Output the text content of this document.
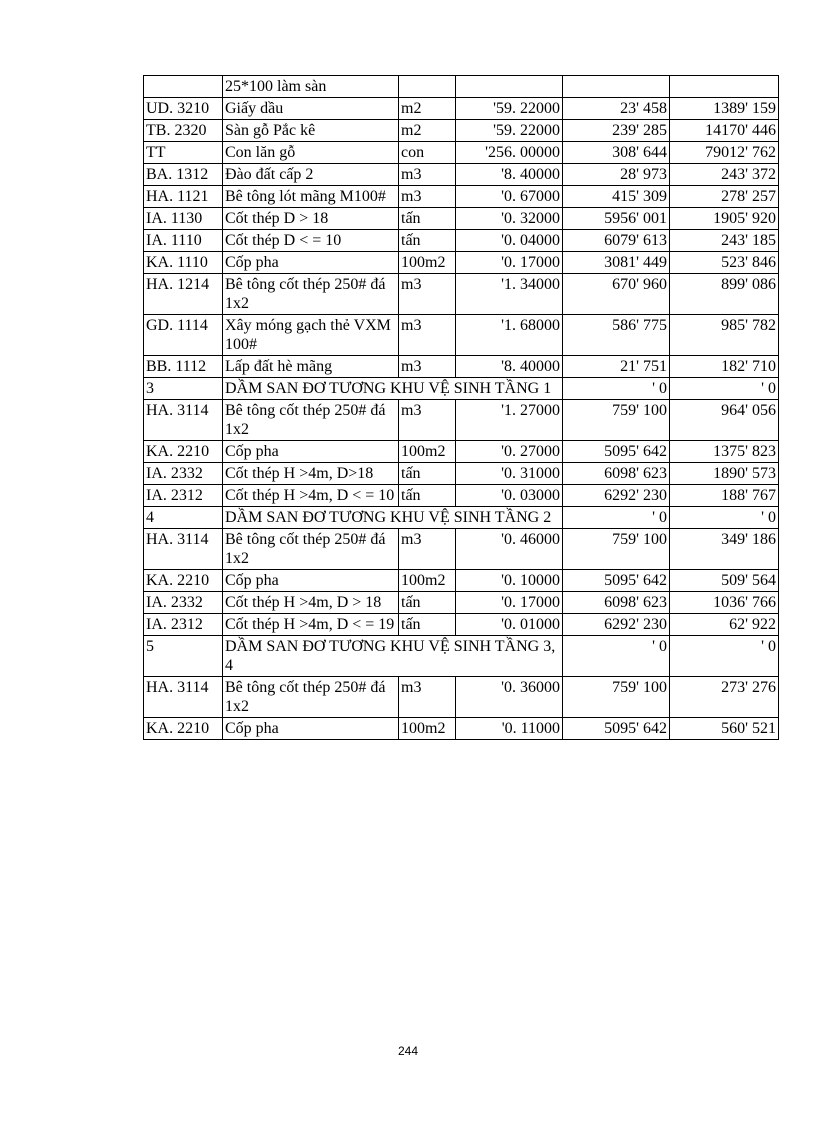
	25*100 làm sàn				
UD. 3210	Giấy dầu	m2	'59. 22000	23' 458	1389' 159
TB. 2320	Sàn gỗ Pắc kê	m2	'59. 22000	239' 285	14170' 446
TT	Con lăn gỗ	con	'256. 00000	308' 644	79012' 762
BA. 1312	Đào đất cấp 2	m3	'8. 40000	28' 973	243' 372
HA. 1121	Bê tông lót mãng M100#	m3	'0. 67000	415' 309	278' 257
IA. 1130	Cốt thép D > 18	tấn	'0. 32000	5956' 001	1905' 920
IA. 1110	Cốt thép D < = 10	tấn	'0. 04000	6079' 613	243' 185
KA. 1110	Cốp pha	100m2	'0. 17000	3081' 449	523' 846
HA. 1214	Bê tông cốt thép 250# đá 1x2	m3	'1. 34000	670' 960	899' 086
GD. 1114	Xây móng gạch thẻ VXM 100#	m3	'1. 68000	586' 775	985' 782
BB. 1112	Lấp đất hè mãng	m3	'8. 40000	21' 751	182' 710
3	DẦM SAN ĐƠ TƯƠNG KHU VỆ SINH TẦNG 1			' 0	' 0
HA. 3114	Bê tông cốt thép 250# đá 1x2	m3	'1. 27000	759' 100	964' 056
KA. 2210	Cốp pha	100m2	'0. 27000	5095' 642	1375' 823
IA. 2332	Cốt thép H >4m, D>18	tấn	'0. 31000	6098' 623	1890' 573
IA. 2312	Cốt thép H >4m, D < = 10	tấn	'0. 03000	6292' 230	188' 767
4	DẦM SAN ĐƠ TƯƠNG KHU VỆ SINH TẦNG 2			' 0	' 0
HA. 3114	Bê tông cốt thép 250# đá 1x2	m3	'0. 46000	759' 100	349' 186
KA. 2210	Cốp pha	100m2	'0. 10000	5095' 642	509' 564
IA. 2332	Cốt thép H >4m, D > 18	tấn	'0. 17000	6098' 623	1036' 766
IA. 2312	Cốt thép H >4m, D < = 19	tấn	'0. 01000	6292' 230	62' 922
5	DẦM SAN ĐƠ TƯƠNG KHU VỆ SINH TẦNG 3, 4			' 0	' 0
HA. 3114	Bê tông cốt thép 250# đá 1x2	m3	'0. 36000	759' 100	273' 276
KA. 2210	Cốp pha	100m2	'0. 11000	5095' 642	560' 521
244
